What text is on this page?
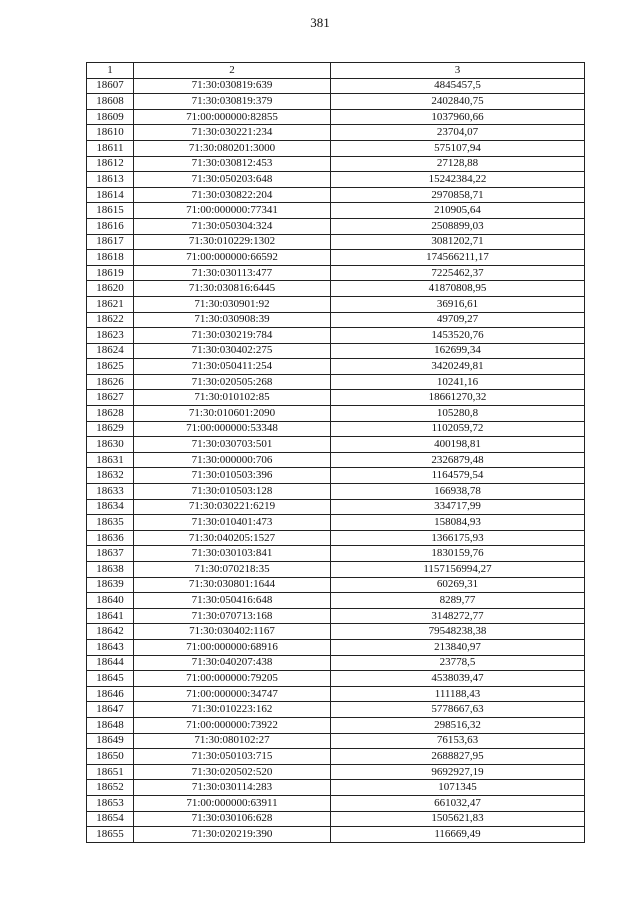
381
1	2	3
18607	71:30:030819:639	4845457,5
18608	71:30:030819:379	2402840,75
18609	71:00:000000:82855	1037960,66
18610	71:30:030221:234	23704,07
18611	71:30:080201:3000	575107,94
18612	71:30:030812:453	27128,88
18613	71:30:050203:648	15242384,22
18614	71:30:030822:204	2970858,71
18615	71:00:000000:77341	210905,64
18616	71:30:050304:324	2508899,03
18617	71:30:010229:1302	3081202,71
18618	71:00:000000:66592	174566211,17
18619	71:30:030113:477	7225462,37
18620	71:30:030816:6445	41870808,95
18621	71:30:030901:92	36916,61
18622	71:30:030908:39	49709,27
18623	71:30:030219:784	1453520,76
18624	71:30:030402:275	162699,34
18625	71:30:050411:254	3420249,81
18626	71:30:020505:268	10241,16
18627	71:30:010102:85	18661270,32
18628	71:30:010601:2090	105280,8
18629	71:00:000000:53348	1102059,72
18630	71:30:030703:501	400198,81
18631	71:30:000000:706	2326879,48
18632	71:30:010503:396	1164579,54
18633	71:30:010503:128	166938,78
18634	71:30:030221:6219	334717,99
18635	71:30:010401:473	158084,93
18636	71:30:040205:1527	1366175,93
18637	71:30:030103:841	1830159,76
18638	71:30:070218:35	1157156994,27
18639	71:30:030801:1644	60269,31
18640	71:30:050416:648	8289,77
18641	71:30:070713:168	3148272,77
18642	71:30:030402:1167	79548238,38
18643	71:00:000000:68916	213840,97
18644	71:30:040207:438	23778,5
18645	71:00:000000:79205	4538039,47
18646	71:00:000000:34747	111188,43
18647	71:30:010223:162	5778667,63
18648	71:00:000000:73922	298516,32
18649	71:30:080102:27	76153,63
18650	71:30:050103:715	2688827,95
18651	71:30:020502:520	9692927,19
18652	71:30:030114:283	1071345
18653	71:00:000000:63911	661032,47
18654	71:30:030106:628	1505621,83
18655	71:30:020219:390	116669,49
